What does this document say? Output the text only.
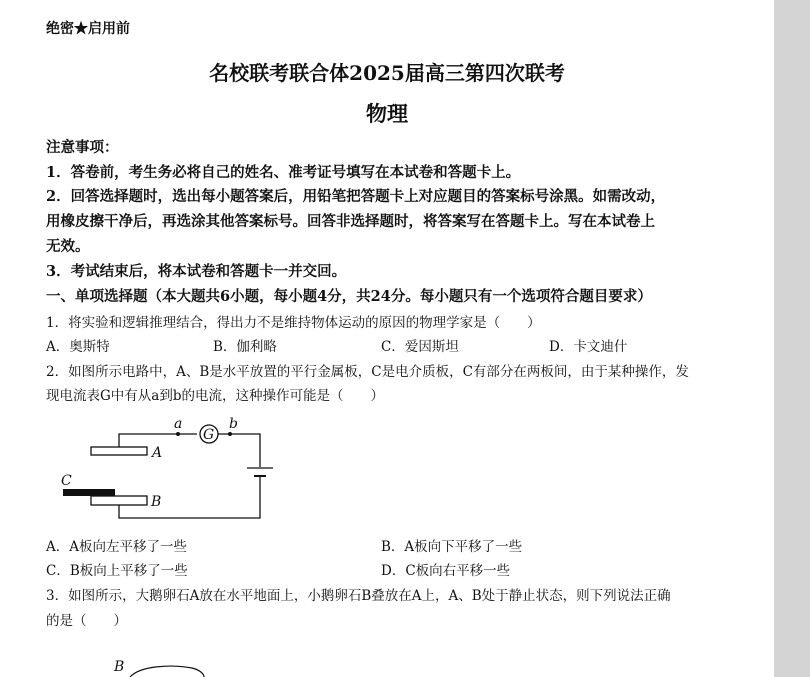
绝密★启用前
名校联考联合体2025届高三第四次联考
物理
注意事项：
1．答卷前，考生务必将自己的姓名、准考证号填写在本试卷和答题卡上。
2．回答选择题时，选出每小题答案后，用铅笔把答题卡上对应题目的答案标号涂黑。如需改动，
用橡皮擦干净后，再选涂其他答案标号。回答非选择题时，将答案写在答题卡上。写在本试卷上
无效。
3．考试结束后，将本试卷和答题卡一并交回。
一、单项选择题（本大题共6小题，每小题4分，共24分。每小题只有一个选项符合题目要求）
1．将实验和逻辑推理结合，得出力不是维持物体运动的原因的物理学家是（　　）
A．奥斯特	B．伽利略	C．爱因斯坦	D．卡文迪什
2．如图所示电路中，A、B是水平放置的平行金属板，C是电介质板，C有部分在两板间，由于某种操作，发
现电流表G中有从a到b的电流，这种操作可能是（　　）
a	b
G
A
B
C
A．A板向左平移了一些	B．A板向下平移了一些
C．B板向上平移了一些	D．C板向右平移一些
3．如图所示，大鹅卵石A放在水平地面上，小鹅卵石B叠放在A上，A、B处于静止状态，则下列说法正确
的是（　　）
B
